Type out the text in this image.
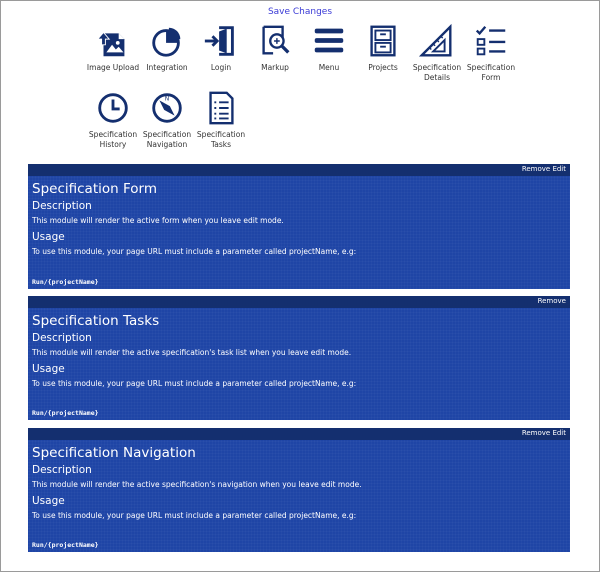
Save Changes
Image Upload Integration	Login	Markup	Menu	Projects	Specification Details
Specification Form
Specification History
N
Specification Navigation
Specification Tasks
Remove Edit
Specification Form
Description
This module will render the active form when you leave edit mode.
Usage
To use this module, your page URL must include a parameter called projectName, e.g:
Run/{projectName}
Remove
Specification Tasks
Description
This module will render the active specification's task list when you leave edit mode.
Usage
To use this module, your page URL must include a parameter called projectName, e.g:
Run/{projectName}
Remove Edit
Specification Navigation
Description
This module will render the active specification's navigation when you leave edit mode.
Usage
To use this module, your page URL must include a parameter called projectName, e.g:
Run/{projectName}
